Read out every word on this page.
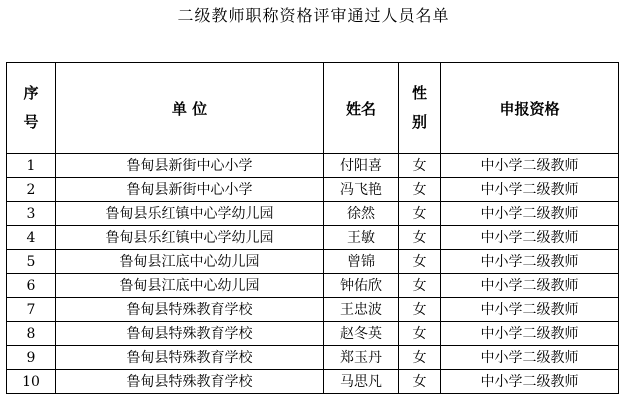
二级教师职称资格评审通过人员名单
序号	单 位	姓名	性别	申报资格
1	鲁甸县新街中心小学	付阳喜	女	中小学二级教师
2	鲁甸县新街中心小学	冯飞艳	女	中小学二级教师
3	鲁甸县乐红镇中心学幼儿园	徐然	女	中小学二级教师
4	鲁甸县乐红镇中心学幼儿园	王敏	女	中小学二级教师
5	鲁甸县江底中心幼儿园	曾锦	女	中小学二级教师
6	鲁甸县江底中心幼儿园	钟佑欣	女	中小学二级教师
7	鲁甸县特殊教育学校	王忠波	女	中小学二级教师
8	鲁甸县特殊教育学校	赵冬英	女	中小学二级教师
9	鲁甸县特殊教育学校	郑玉丹	女	中小学二级教师
10	鲁甸县特殊教育学校	马思凡	女	中小学二级教师
